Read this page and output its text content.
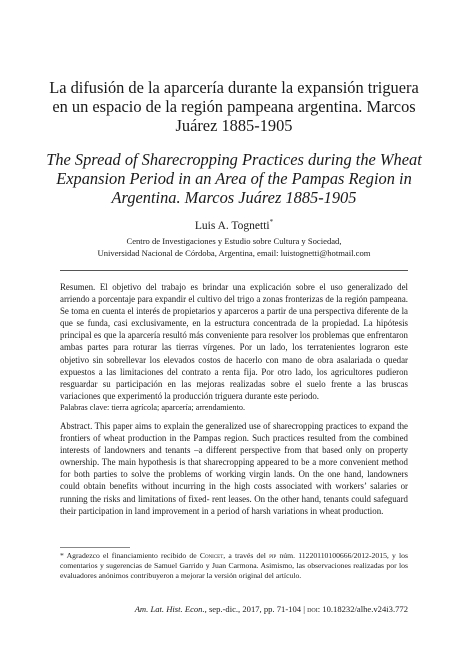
La difusión de la aparcería durante la expansión triguera en un espacio de la región pampeana argentina. Marcos Juárez 1885-1905
The Spread of Sharecropping Practices during the Wheat Expansion Period in an Area of the Pampas Region in Argentina. Marcos Juárez 1885-1905
Luis A. Tognetti*
Centro de Investigaciones y Estudio sobre Cultura y Sociedad,
Universidad Nacional de Córdoba, Argentina, email: luistognetti@hotmail.com
Resumen. El objetivo del trabajo es brindar una explicación sobre el uso generalizado del arriendo a porcentaje para expandir el cultivo del trigo a zonas fronterizas de la región pampeana. Se toma en cuenta el interés de propietarios y aparceros a partir de una perspectiva diferente de la que se funda, casi exclusivamente, en la estructura concentrada de la propiedad. La hipótesis principal es que la aparcería resultó más conveniente para resolver los problemas que enfrentaron ambas partes para roturar las tierras vírgenes. Por un lado, los terratenientes lograron este objetivo sin sobrellevar los elevados costos de hacerlo con mano de obra asalariada o quedar expuestos a las limitaciones del contrato a renta fija. Por otro lado, los agricultores pudieron resguardar su participación en las mejoras realizadas sobre el suelo frente a las bruscas variaciones que experimentó la producción triguera durante este periodo.
Palabras clave: tierra agrícola; aparcería; arrendamiento.
Abstract. This paper aims to explain the generalized use of sharecropping practices to expand the frontiers of wheat production in the Pampas region. Such practices resulted from the combined interests of landowners and tenants –a different perspective from that based only on property ownership. The main hypothesis is that sharecropping appeared to be a more convenient method for both parties to solve the problems of working virgin lands. On the one hand, landowners could obtain benefits without incurring in the high costs associated with workers’ salaries or running the risks and limitations of fixed- rent leases. On the other hand, tenants could safeguard their participation in land improvement in a period of harsh variations in wheat production.
* Agradezco el financiamiento recibido de Conicet, a través del pip núm. 11220110100666/2012-2015, y los comentarios y sugerencias de Samuel Garrido y Juan Carmona. Asimismo, las observaciones realizadas por los evaluadores anónimos contribuyeron a mejorar la versión original del artículo.
Am. Lat. Hist. Econ., sep.-dic., 2017, pp. 71-104 | doi: 10.18232/alhe.v24i3.772
